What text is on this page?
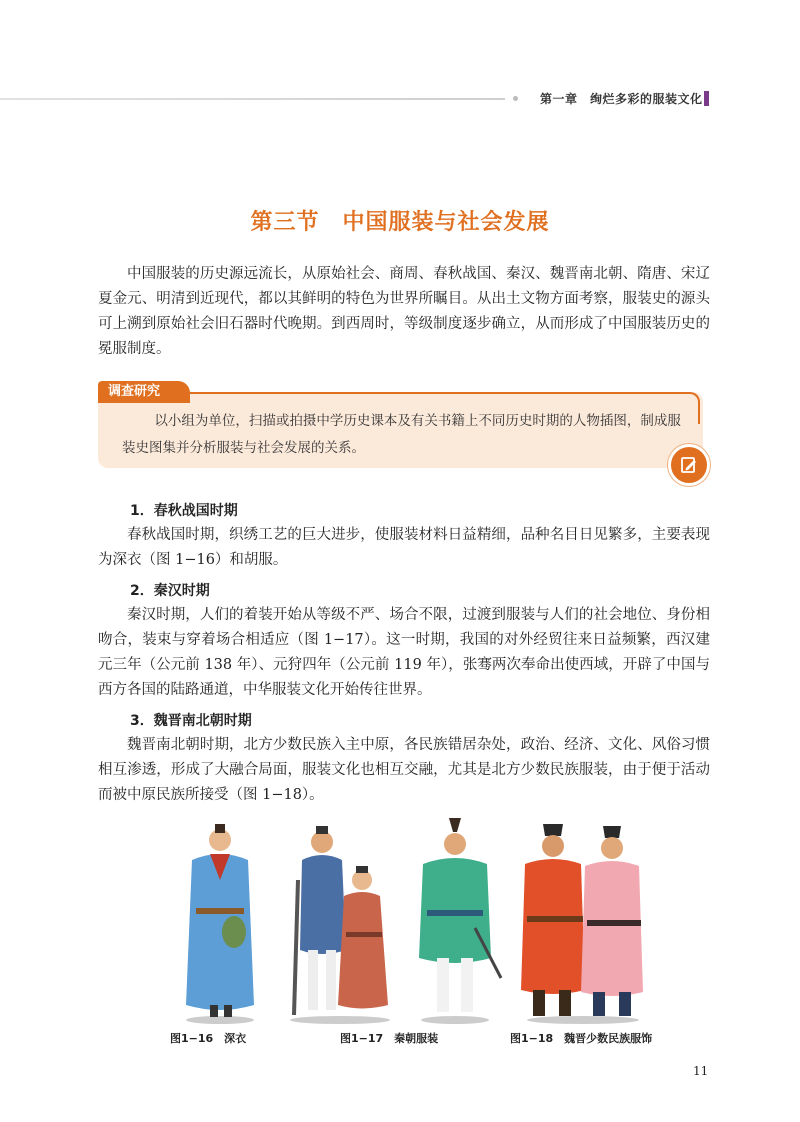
第一章　绚烂多彩的服装文化
第三节　中国服装与社会发展

中国服装的历史源远流长，从原始社会、商周、春秋战国、秦汉、魏晋南北朝、隋唐、宋辽夏金元、明清到近现代，都以其鲜明的特色为世界所瞩目。从出土文物方面考察，服装史的源头可上溯到原始社会旧石器时代晚期。到西周时，等级制度逐步确立，从而形成了中国服装历史的冕服制度。

调查研究

以小组为单位，扫描或拍摄中学历史课本及有关书籍上不同历史时期的人物插图，制成服装史图集并分析服装与社会发展的关系。

1．春秋战国时期

春秋战国时期，织绣工艺的巨大进步，使服装材料日益精细，品种名目日见繁多，主要表现为深衣（图 1−16）和胡服。

2．秦汉时期

秦汉时期，人们的着装开始从等级不严、场合不限，过渡到服装与人们的社会地位、身份相吻合，装束与穿着场合相适应（图 1−17）。这一时期，我国的对外经贸往来日益频繁，西汉建元三年（公元前 138 年）、元狩四年（公元前 119 年），张骞两次奉命出使西域，开辟了中国与西方各国的陆路通道，中华服装文化开始传往世界。

3．魏晋南北朝时期

魏晋南北朝时期，北方少数民族入主中原，各民族错居杂处，政治、经济、文化、风俗习惯相互渗透，形成了大融合局面，服装文化也相互交融，尤其是北方少数民族服装，由于便于活动而被中原民族所接受（图 1−18）。

图1−16　深衣	图1−17　秦朝服装	图1−18　魏晋少数民族服饰
11
